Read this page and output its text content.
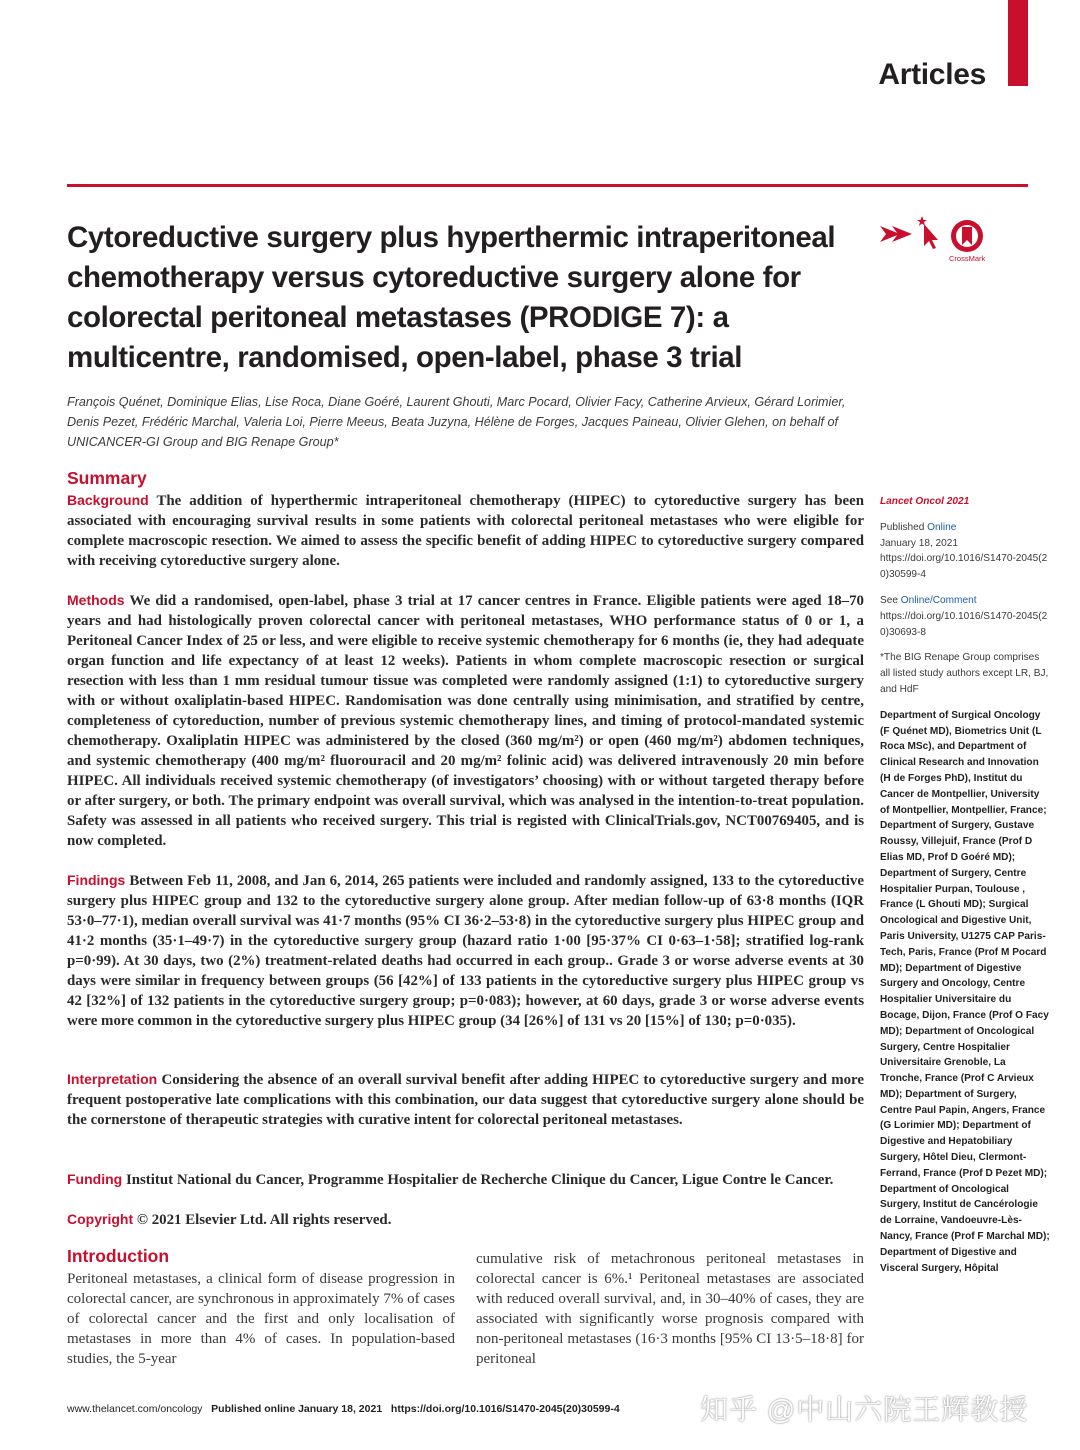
Articles
Cytoreductive surgery plus hyperthermic intraperitoneal chemotherapy versus cytoreductive surgery alone for colorectal peritoneal metastases (PRODIGE 7): a multicentre, randomised, open-label, phase 3 trial
CrossMark
François Quénet, Dominique Elias, Lise Roca, Diane Goéré, Laurent Ghouti, Marc Pocard, Olivier Facy, Catherine Arvieux, Gérard Lorimier, Denis Pezet, Frédéric Marchal, Valeria Loi, Pierre Meeus, Beata Juzyna, Hélène de Forges, Jacques Paineau, Olivier Glehen, on behalf of UNICANCER-GI Group and BIG Renape Group*
Summary

Background The addition of hyperthermic intraperitoneal chemotherapy (HIPEC) to cytoreductive surgery has been associated with encouraging survival results in some patients with colorectal peritoneal metastases who were eligible for complete macroscopic resection. We aimed to assess the specific benefit of adding HIPEC to cytoreductive surgery compared with receiving cytoreductive surgery alone.

Methods We did a randomised, open-label, phase 3 trial at 17 cancer centres in France. Eligible patients were aged 18–70 years and had histologically proven colorectal cancer with peritoneal metastases, WHO performance status of 0 or 1, a Peritoneal Cancer Index of 25 or less, and were eligible to receive systemic chemotherapy for 6 months (ie, they had adequate organ function and life expectancy of at least 12 weeks). Patients in whom complete macroscopic resection or surgical resection with less than 1 mm residual tumour tissue was completed were randomly assigned (1:1) to cytoreductive surgery with or without oxaliplatin-based HIPEC. Randomisation was done centrally using minimisation, and stratified by centre, completeness of cytoreduction, number of previous systemic chemotherapy lines, and timing of protocol-mandated systemic chemotherapy. Oxaliplatin HIPEC was administered by the closed (360 mg/m²) or open (460 mg/m²) abdomen techniques, and systemic chemotherapy (400 mg/m² fluorouracil and 20 mg/m² folinic acid) was delivered intravenously 20 min before HIPEC. All individuals received systemic chemotherapy (of investigators’ choosing) with or without targeted therapy before or after surgery, or both. The primary endpoint was overall survival, which was analysed in the intention-to-treat population. Safety was assessed in all patients who received surgery. This trial is registed with ClinicalTrials.gov, NCT00769405, and is now completed.

Findings Between Feb 11, 2008, and Jan 6, 2014, 265 patients were included and randomly assigned, 133 to the cytoreductive surgery plus HIPEC group and 132 to the cytoreductive surgery alone group. After median follow-up of 63·8 months (IQR 53·0–77·1), median overall survival was 41·7 months (95% CI 36·2–53·8) in the cytoreductive surgery plus HIPEC group and 41·2 months (35·1–49·7) in the cytoreductive surgery group (hazard ratio 1·00 [95·37% CI 0·63–1·58]; stratified log-rank p=0·99). At 30 days, two (2%) treatment-related deaths had occurred in each group.. Grade 3 or worse adverse events at 30 days were similar in frequency between groups (56 [42%] of 133 patients in the cytoreductive surgery plus HIPEC group vs 42 [32%] of 132 patients in the cytoreductive surgery group; p=0·083); however, at 60 days, grade 3 or worse adverse events were more common in the cytoreductive surgery plus HIPEC group (34 [26%] of 131 vs 20 [15%] of 130; p=0·035).

Interpretation Considering the absence of an overall survival benefit after adding HIPEC to cytoreductive surgery and more frequent postoperative late complications with this combination, our data suggest that cytoreductive surgery alone should be the cornerstone of therapeutic strategies with curative intent for colorectal peritoneal metastases.

Funding Institut National du Cancer, Programme Hospitalier de Recherche Clinique du Cancer, Ligue Contre le Cancer.

Copyright © 2021 Elsevier Ltd. All rights reserved.

Introduction
Peritoneal metastases, a clinical form of disease progression in colorectal cancer, are synchronous in approximately 7% of cases of colorectal cancer and the first and only localisation of metastases in more than 4% of cases. In population-based studies, the 5-year
cumulative risk of metachronous peritoneal metastases in colorectal cancer is 6%.¹ Peritoneal metastases are associated with reduced overall survival, and, in 30–40% of cases, they are associated with significantly worse prognosis compared with non-peritoneal metastases (16·3 months [95% CI 13·5–18·8] for peritoneal
Lancet Oncol 2021
Published Online
January 18, 2021
https://doi.org/10.1016/S1470-2045(20)30599-4
See Online/Comment
https://doi.org/10.1016/S1470-2045(20)30693-8
*The BIG Renape Group comprises all listed study authors except LR, BJ, and HdF
Department of Surgical Oncology (F Quénet MD), Biometrics Unit (L Roca MSc), and Department of Clinical Research and Innovation (H de Forges PhD), Institut du Cancer de Montpellier, University of Montpellier, Montpellier, France; Department of Surgery, Gustave Roussy, Villejuif, France (Prof D Elias MD, Prof D Goéré MD); Department of Surgery, Centre Hospitalier Purpan, Toulouse , France (L Ghouti MD); Surgical Oncological and Digestive Unit, Paris University, U1275 CAP Paris-Tech, Paris, France (Prof M Pocard MD); Department of Digestive Surgery and Oncology, Centre Hospitalier Universitaire du Bocage, Dijon, France (Prof O Facy MD); Department of Oncological Surgery, Centre Hospitalier Universitaire Grenoble, La Tronche, France (Prof C Arvieux MD); Department of Surgery, Centre Paul Papin, Angers, France (G Lorimier MD); Department of Digestive and Hepatobiliary Surgery, Hôtel Dieu, Clermont-Ferrand, France (Prof D Pezet MD); Department of Oncological Surgery, Institut de Cancérologie de Lorraine, Vandoeuvre-Lès-Nancy, France (Prof F Marchal MD); Department of Digestive and Visceral Surgery, Hôpital
www.thelancet.com/oncology Published online January 18, 2021 https://doi.org/10.1016/S1470-2045(20)30599-4	知乎 @中山六院王辉教授
